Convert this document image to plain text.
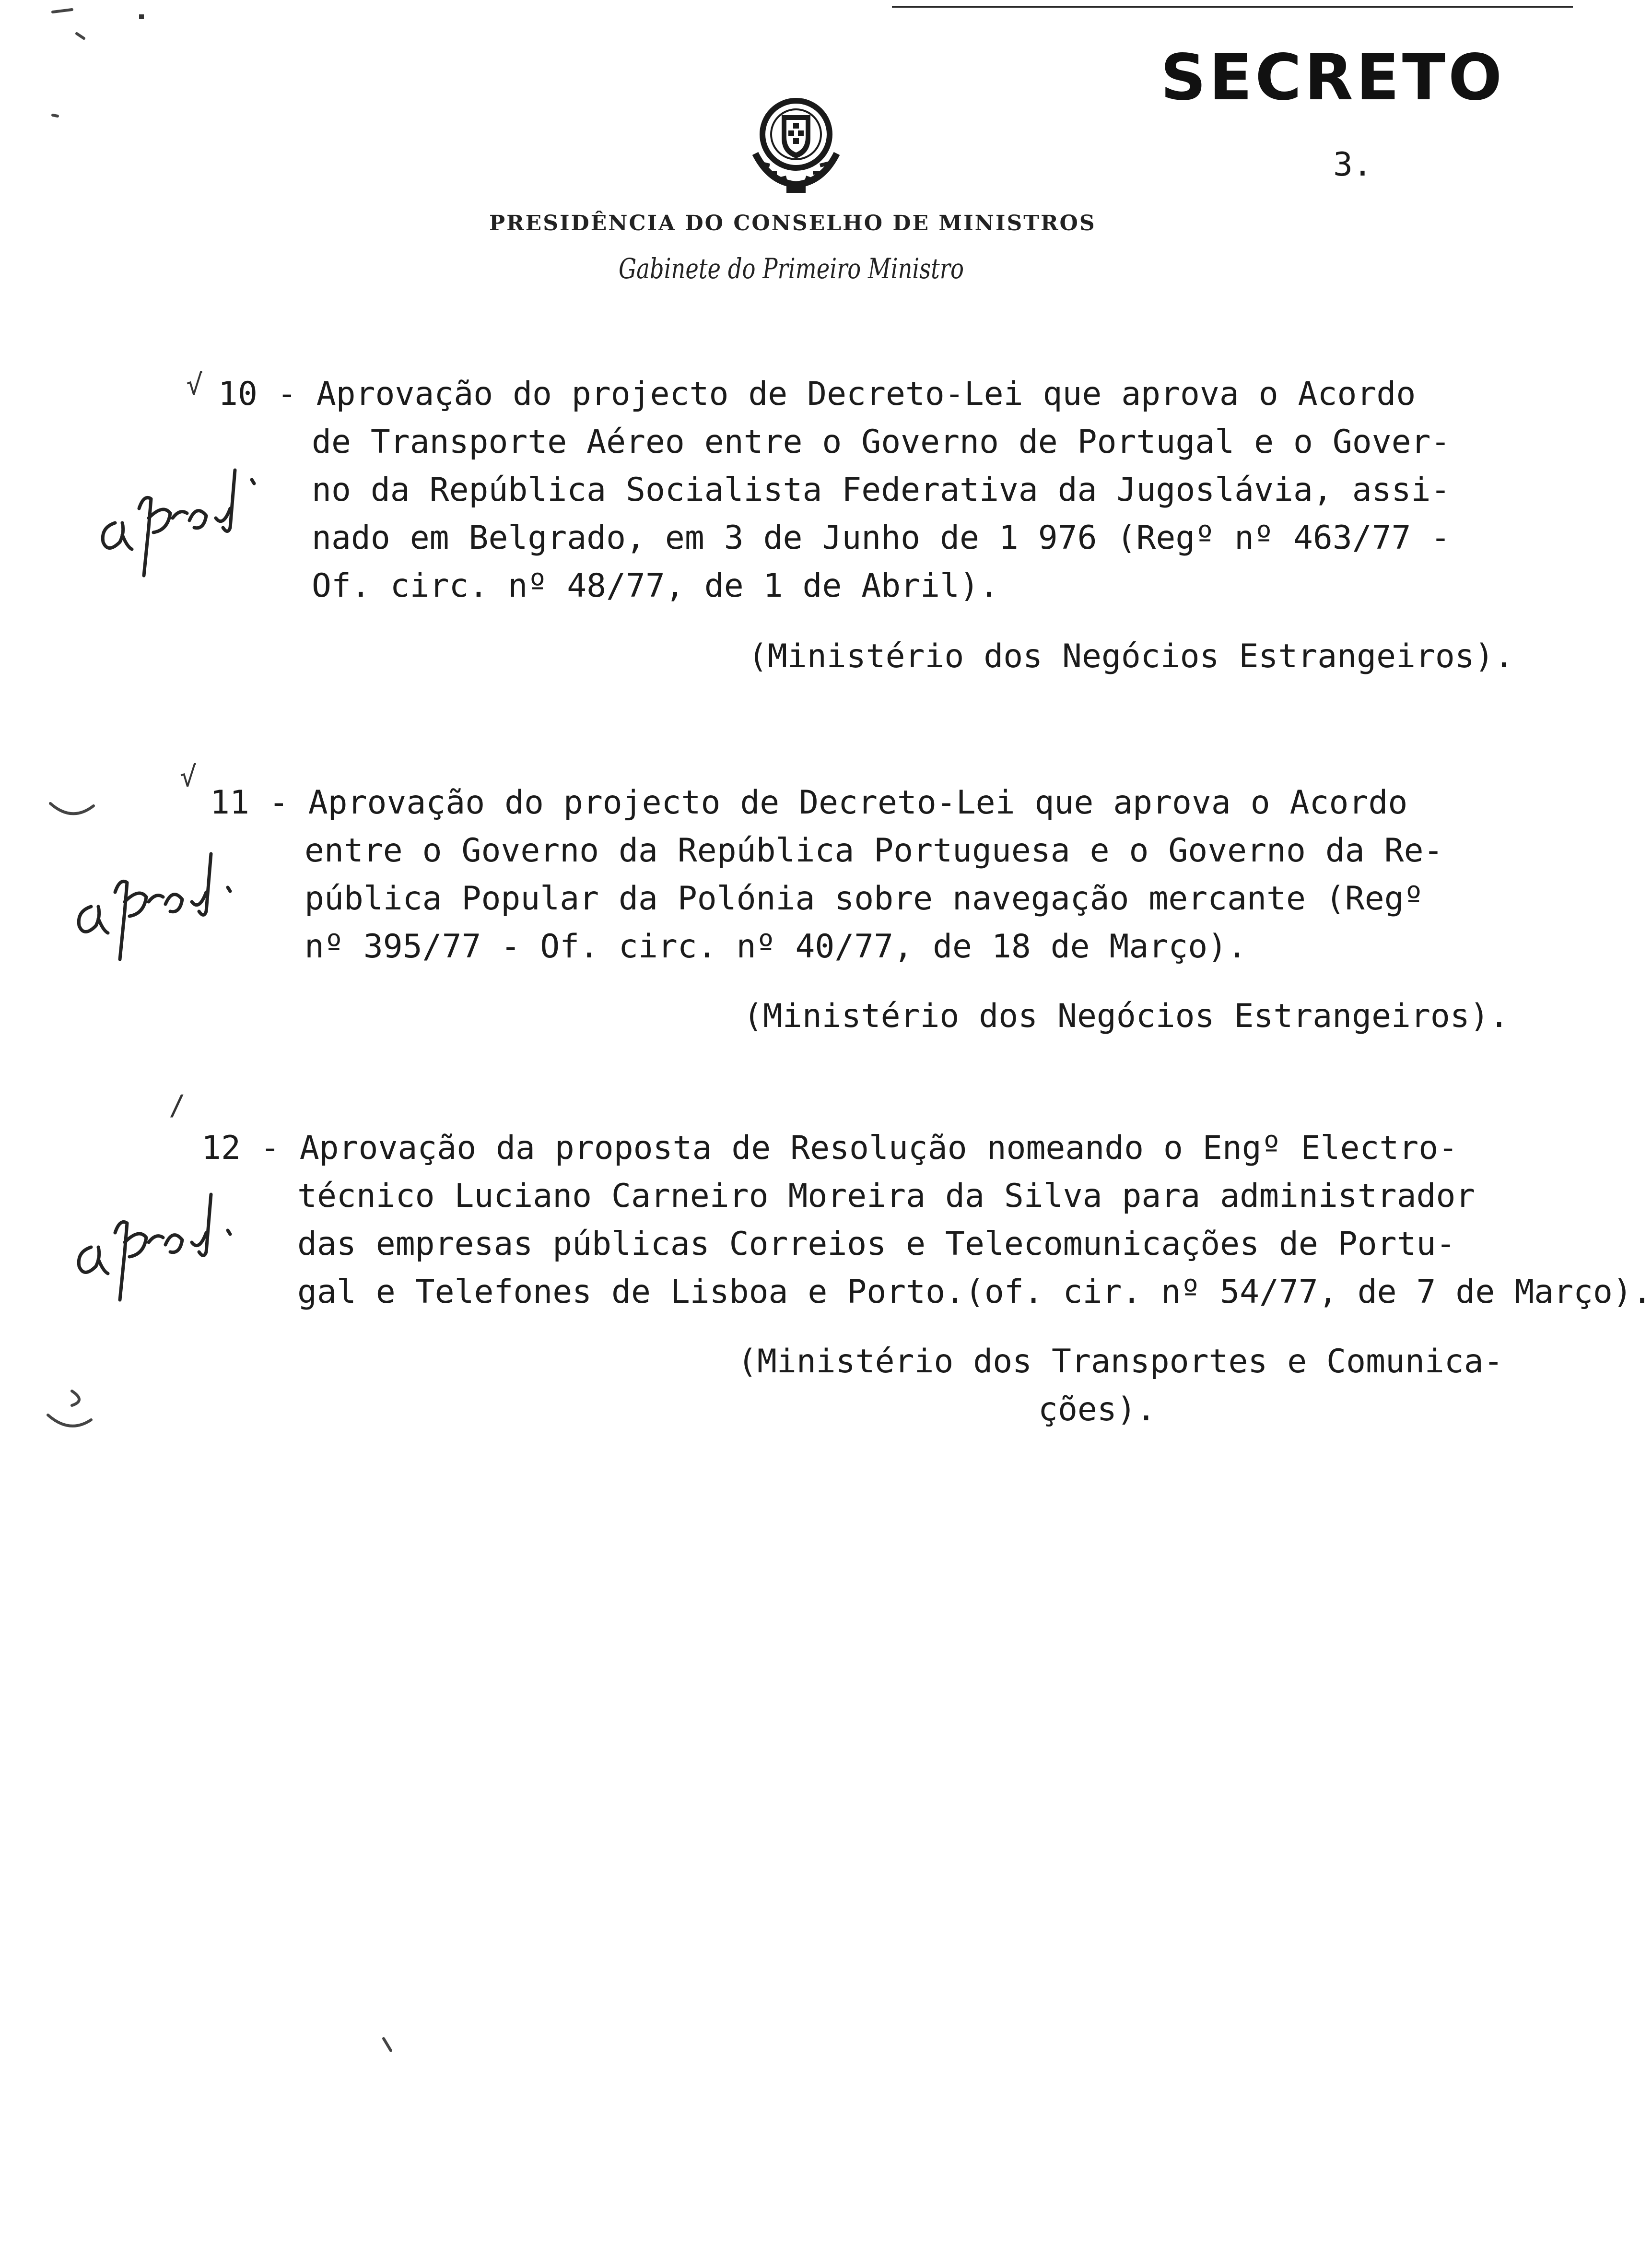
SECRETO
3.
PRESIDÊNCIA DO CONSELHO DE MINISTROS
Gabinete do Primeiro Ministro
√ 10 - Aprovação do projecto de Decreto-Lei que aprova o Acordo
de Transporte Aéreo entre o Governo de Portugal e o Gover-
no da República Socialista Federativa da Jugoslávia, assi-
nado em Belgrado, em 3 de Junho de 1 976 (Regº nº 463/77 -
Of. circ. nº 48/77, de 1 de Abril).
(Ministério dos Negócios Estrangeiros).
√
11 - Aprovação do projecto de Decreto-Lei que aprova o Acordo
entre o Governo da República Portuguesa e o Governo da Re-
pública Popular da Polónia sobre navegação mercante (Regº
nº 395/77 - Of. circ. nº 40/77, de 18 de Março).
(Ministério dos Negócios Estrangeiros).
/
12 - Aprovação da proposta de Resolução nomeando o Engº Electro-
técnico Luciano Carneiro Moreira da Silva para administrador
das empresas públicas Correios e Telecomunicações de Portu-
gal e Telefones de Lisboa e Porto.(of. cir. nº 54/77, de 7 de Março).
(Ministério dos Transportes e Comunica-
ções).
